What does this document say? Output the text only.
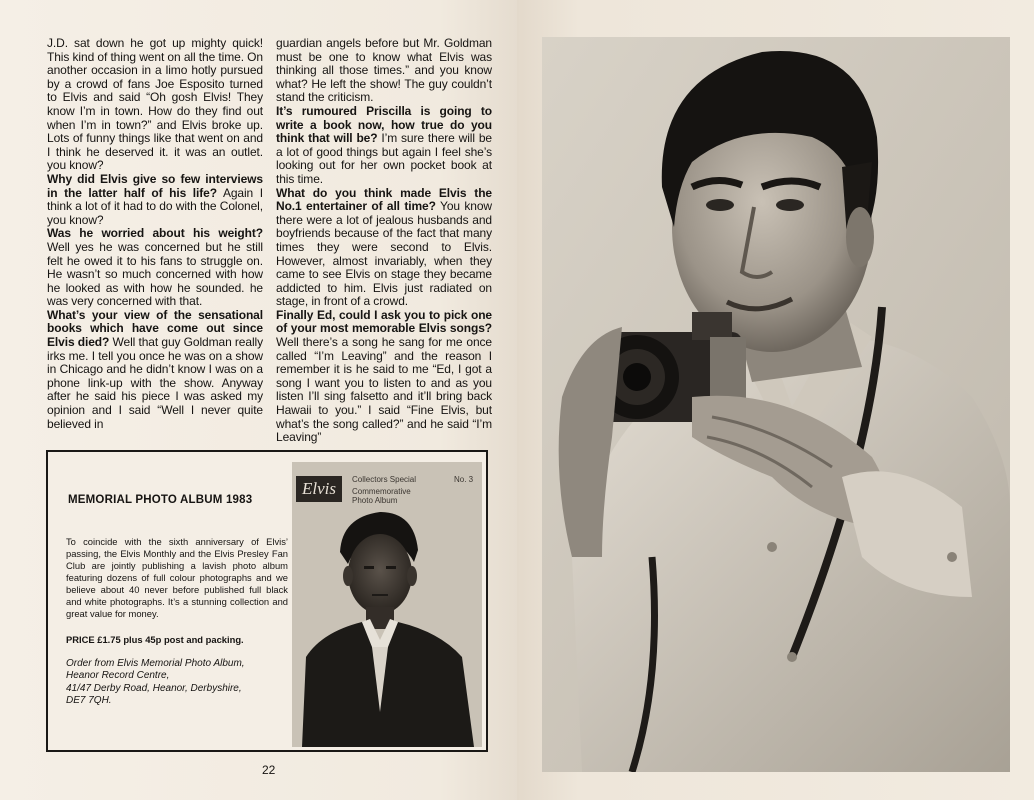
J.D. sat down he got up mighty quick! This kind of thing went on all the time. On another occasion in a limo hotly pursued by a crowd of fans Joe Esposito turned to Elvis and said “Oh gosh Elvis! They know I’m in town. How do they find out when I’m in town?” and Elvis broke up. Lots of funny things like that went on and I think he deserved it. it was an outlet. you know?
Why did Elvis give so few interviews in the latter half of his life? Again I think a lot of it had to do with the Colonel, you know?
Was he worried about his weight? Well yes he was concerned but he still felt he owed it to his fans to struggle on. He wasn’t so much concerned with how he looked as with how he sounded. he was very concerned with that.
What’s your view of the sensational books which have come out since Elvis died? Well that guy Goldman really irks me. I tell you once he was on a show in Chicago and he didn’t know I was on a phone link-up with the show. Anyway after he said his piece I was asked my opinion and I said “Well I never quite believed in

guardian angels before but Mr. Goldman must be one to know what Elvis was thinking all those times.” and you know what? He left the show! The guy couldn’t stand the criticism.
It’s rumoured Priscilla is going to write a book now, how true do you think that will be? I’m sure there will be a lot of good things but again I feel she’s looking out for her own pocket book at this time.
What do you think made Elvis the No.1 entertainer of all time? You know there were a lot of jealous husbands and boyfriends because of the fact that many times they were second to Elvis. However, almost invariably, when they came to see Elvis on stage they became addicted to him. Elvis just radiated on stage, in front of a crowd.
Finally Ed, could I ask you to pick one of your most memorable Elvis songs? Well there’s a song he sang for me once called “I’m Leaving” and the reason I remember it is he said to me “Ed, I got a song I want you to listen to and as you listen I’ll sing falsetto and it’ll bring back Hawaii to you.” I said “Fine Elvis, but what’s the song called?” and he said “I’m Leaving”

MEMORIAL PHOTO ALBUM 1983
To coincide with the sixth anniversary of Elvis’ passing, the Elvis Monthly and the Elvis Presley Fan Club are jointly publishing a lavish photo album featuring dozens of full colour photographs and we believe about 40 never before published full black and white photographs. It’s a stunning collection and great value for money.
PRICE £1.75 plus 45p post and packing.
Order from Elvis Memorial Photo Album,
Heanor Record Centre,
41/47 Derby Road, Heanor, Derbyshire,
DE7 7QH.
Elvis	Collectors Special	No. 3
Commemorative Photo Album
22
